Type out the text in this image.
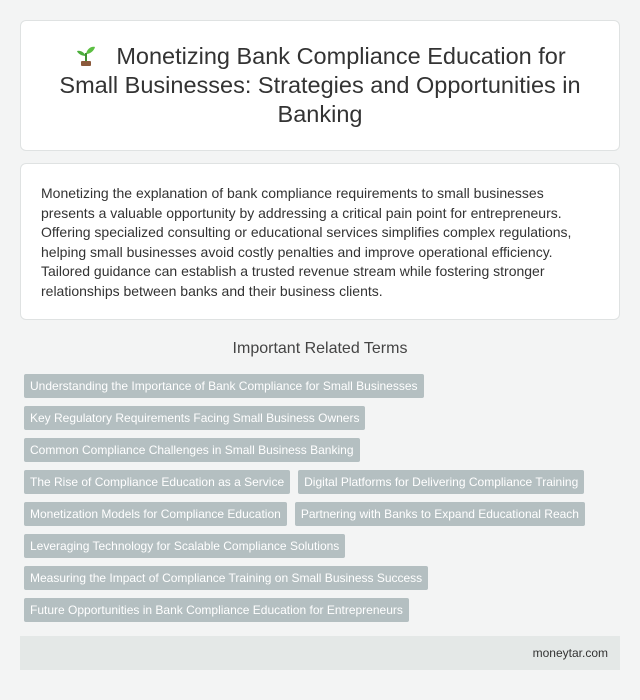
Monetizing Bank Compliance Education for Small Businesses: Strategies and Opportunities in Banking

Monetizing the explanation of bank compliance requirements to small businesses presents a valuable opportunity by addressing a critical pain point for entrepreneurs. Offering specialized consulting or educational services simplifies complex regulations, helping small businesses avoid costly penalties and improve operational efficiency. Tailored guidance can establish a trusted revenue stream while fostering stronger relationships between banks and their business clients.

Important Related Terms
Understanding the Importance of Bank Compliance for Small Businesses
Key Regulatory Requirements Facing Small Business Owners
Common Compliance Challenges in Small Business Banking
The Rise of Compliance Education as a Service	Digital Platforms for Delivering Compliance Training
Monetization Models for Compliance Education	Partnering with Banks to Expand Educational Reach
Leveraging Technology for Scalable Compliance Solutions
Measuring the Impact of Compliance Training on Small Business Success
Future Opportunities in Bank Compliance Education for Entrepreneurs
moneytar.com
